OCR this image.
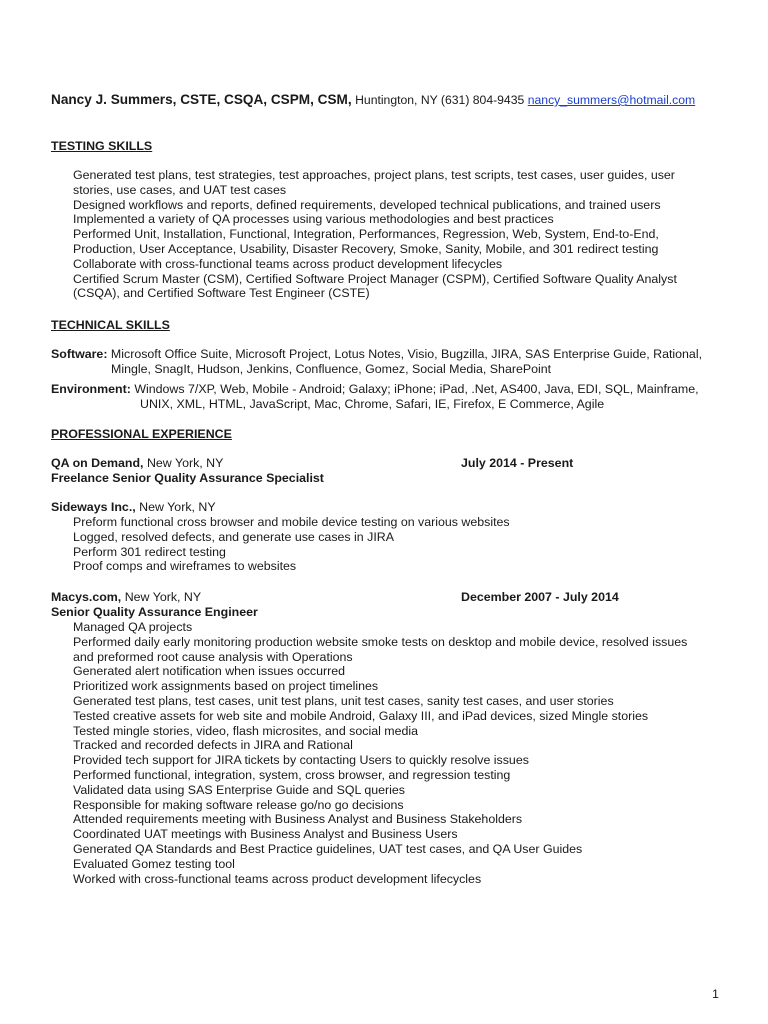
Nancy J. Summers, CSTE, CSQA, CSPM, CSM, Huntington, NY (631) 804-9435 nancy_summers@hotmail.com
TESTING SKILLS
Generated test plans, test strategies, test approaches, project plans, test scripts, test cases, user guides, user
stories, use cases, and UAT test cases
Designed workflows and reports, defined requirements, developed technical publications, and trained users
Implemented a variety of QA processes using various methodologies and best practices
Performed Unit, Installation, Functional, Integration, Performances, Regression, Web, System, End-to-End,
Production, User Acceptance, Usability, Disaster Recovery, Smoke, Sanity, Mobile, and 301 redirect testing
Collaborate with cross-functional teams across product development lifecycles
Certified Scrum Master (CSM), Certified Software Project Manager (CSPM), Certified Software Quality Analyst
(CSQA), and Certified Software Test Engineer (CSTE)
TECHNICAL SKILLS
Software: Microsoft Office Suite, Microsoft Project, Lotus Notes, Visio, Bugzilla, JIRA, SAS Enterprise Guide, Rational,
Mingle, SnagIt, Hudson, Jenkins, Confluence, Gomez, Social Media, SharePoint
Environment: Windows 7/XP, Web, Mobile - Android; Galaxy; iPhone; iPad, .Net, AS400, Java, EDI, SQL, Mainframe,
UNIX, XML, HTML, JavaScript, Mac, Chrome, Safari, IE, Firefox, E Commerce, Agile
PROFESSIONAL EXPERIENCE
QA on Demand, New York, NY	July 2014 - Present
Freelance Senior Quality Assurance Specialist
Sideways Inc., New York, NY
Preform functional cross browser and mobile device testing on various websites
Logged, resolved defects, and generate use cases in JIRA
Perform 301 redirect testing
Proof comps and wireframes to websites
Macys.com, New York, NY	December 2007 - July 2014
Senior Quality Assurance Engineer
Managed QA projects
Performed daily early monitoring production website smoke tests on desktop and mobile device, resolved issues
and preformed root cause analysis with Operations
Generated alert notification when issues occurred
Prioritized work assignments based on project timelines
Generated test plans, test cases, unit test plans, unit test cases, sanity test cases, and user stories
Tested creative assets for web site and mobile Android, Galaxy III, and iPad devices, sized Mingle stories
Tested mingle stories, video, flash microsites, and social media
Tracked and recorded defects in JIRA and Rational
Provided tech support for JIRA tickets by contacting Users to quickly resolve issues
Performed functional, integration, system, cross browser, and regression testing
Validated data using SAS Enterprise Guide and SQL queries
Responsible for making software release go/no go decisions
Attended requirements meeting with Business Analyst and Business Stakeholders
Coordinated UAT meetings with Business Analyst and Business Users
Generated QA Standards and Best Practice guidelines, UAT test cases, and QA User Guides
Evaluated Gomez testing tool
Worked with cross-functional teams across product development lifecycles
1
